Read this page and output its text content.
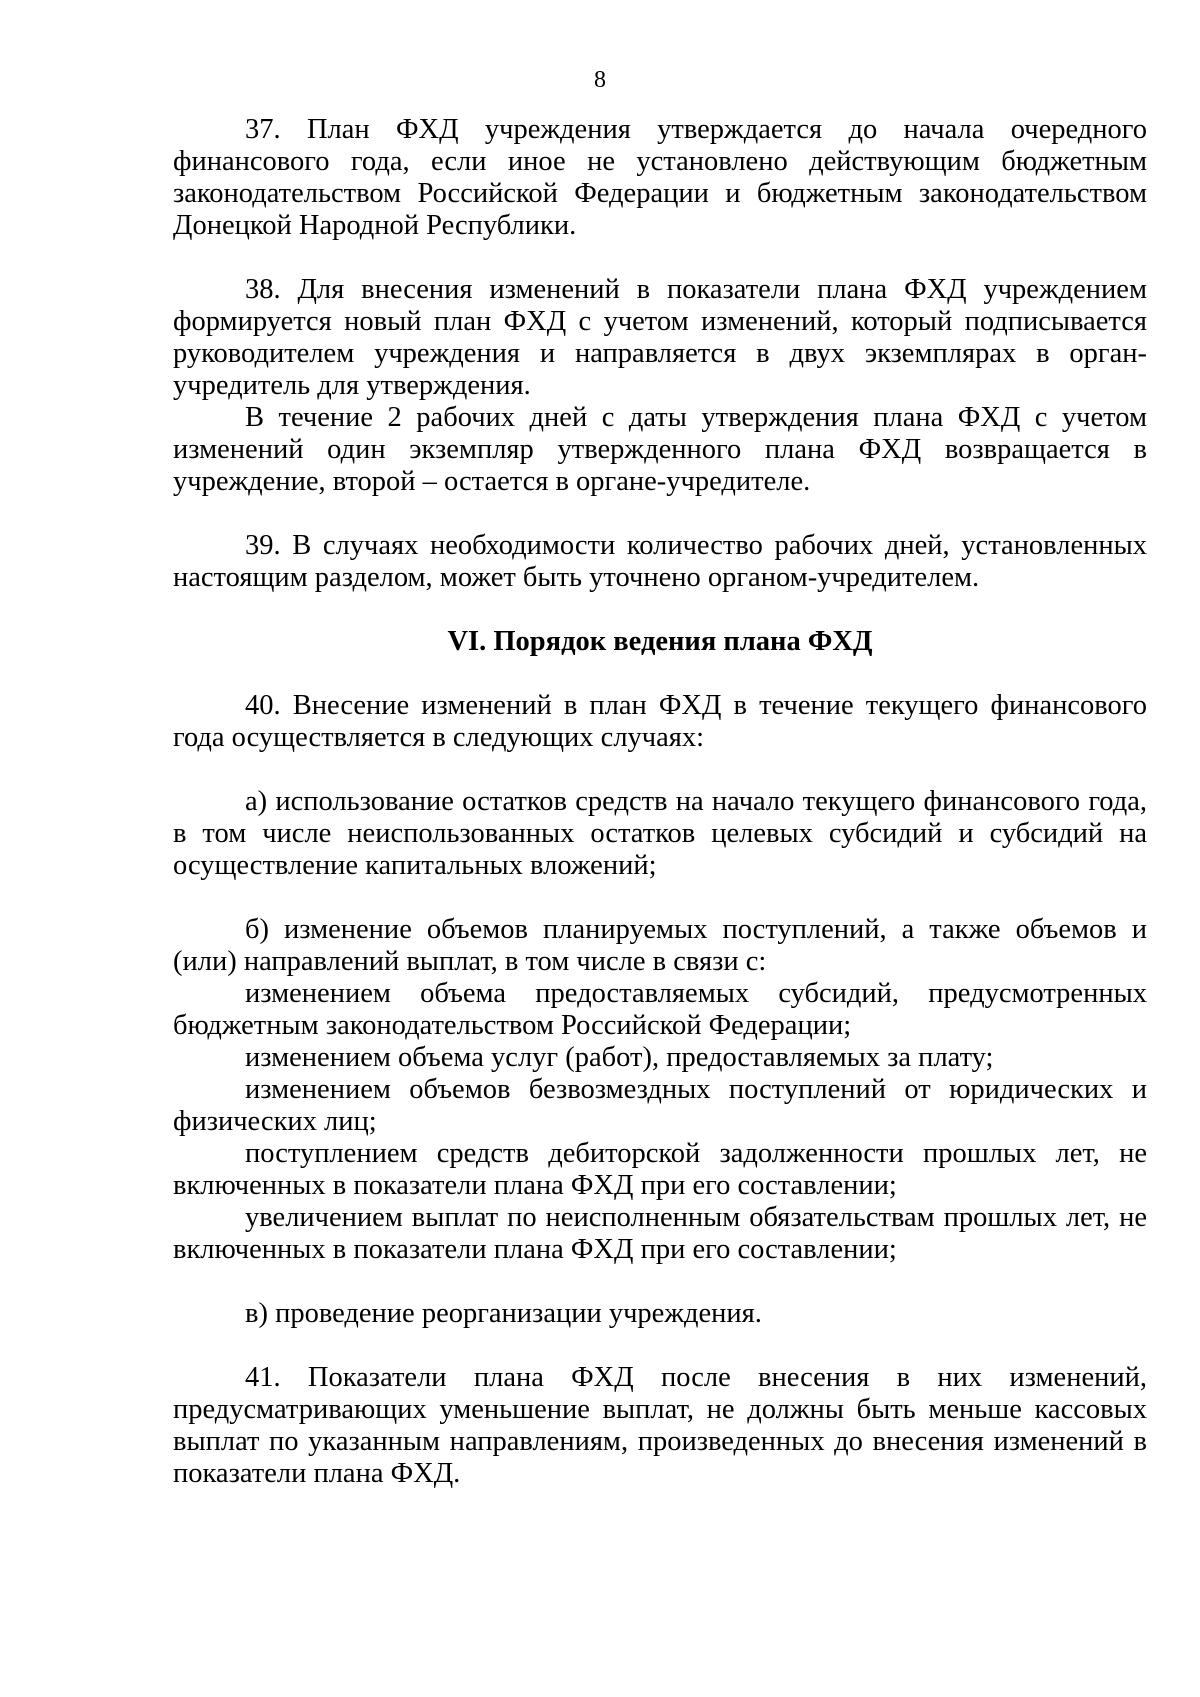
8

37. План ФХД учреждения утверждается до начала очередного финансового года, если иное не установлено действующим бюджетным законодательством Российской Федерации и бюджетным законодательством Донецкой Народной Республики.

38. Для внесения изменений в показатели плана ФХД учреждением формируется новый план ФХД с учетом изменений, который подписывается руководителем учреждения и направляется в двух экземплярах в орган-учредитель для утверждения.

В течение 2 рабочих дней с даты утверждения плана ФХД с учетом изменений один экземпляр утвержденного плана ФХД возвращается в учреждение, второй – остается в органе-учредителе.

39. В случаях необходимости количество рабочих дней, установленных настоящим разделом, может быть уточнено органом-учредителем.

VI. Порядок ведения плана ФХД

40. Внесение изменений в план ФХД в течение текущего финансового года осуществляется в следующих случаях:

а) использование остатков средств на начало текущего финансового года, в том числе неиспользованных остатков целевых субсидий и субсидий на осуществление капитальных вложений;

б) изменение объемов планируемых поступлений, а также объемов и (или) направлений выплат, в том числе в связи с:

изменением объема предоставляемых субсидий, предусмотренных бюджетным законодательством Российской Федерации;

изменением объема услуг (работ), предоставляемых за плату;

изменением объемов безвозмездных поступлений от юридических и физических лиц;

поступлением средств дебиторской задолженности прошлых лет, не включенных в показатели плана ФХД при его составлении;

увеличением выплат по неисполненным обязательствам прошлых лет, не включенных в показатели плана ФХД при его составлении;

в) проведение реорганизации учреждения.

41. Показатели плана ФХД после внесения в них изменений, предусматривающих уменьшение выплат, не должны быть меньше кассовых выплат по указанным направлениям, произведенных до внесения изменений в показатели плана ФХД.
